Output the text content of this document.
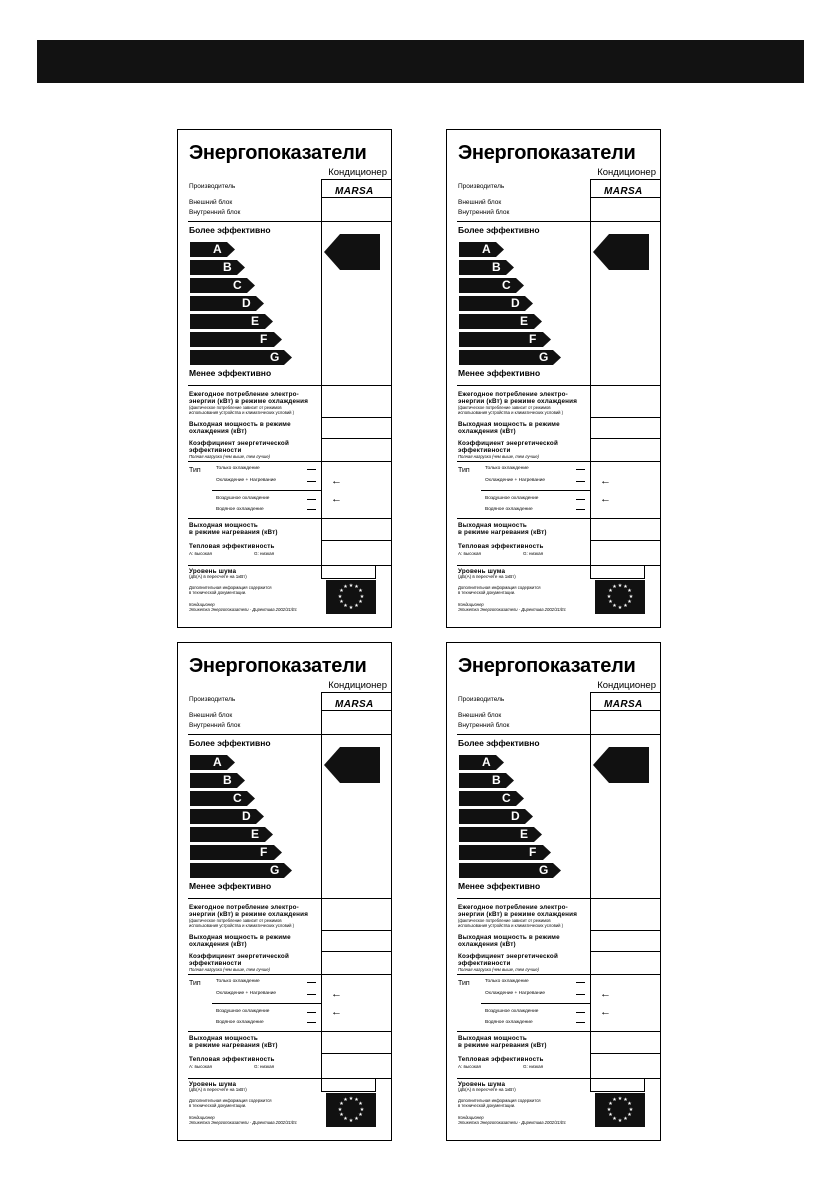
Энергопоказатели
Кондиционер
Производитель	MARSA
Внешний блок
Внутренний блок
Более эффективно
A
B
C
D
E
F
G
Менее эффективно
Ежегодное потребление электро-
энергии (кВт) в режиме охлаждения
(фактическое потребление зависит от режимов
использования устройства и климатических условий )
Выходная мощность в режиме
охлаждения (кВт)
Коэффициент энергетической
эффективности
Полная нагрузка (чем выше, тем лучше)
Тип	Только охлаждение
Охлаждение + Нагревание	←
Воздушное охлаждение	←
Водяное охлаждение
Выходная мощность
в режиме нагревания (кВт)
Тепловая эффективность
А: высокая	G: низкая
Уровень шума
(дБ(А) в пересчете на 1кВт)
Дополнительная информация содержится
в технической документации.
Кондиционер
Этикетка Энергопоказатели - Директива 2002/31/Ес
★
★
★
★
★
★
★
★
★ ★ ★
★
Энергопоказатели
Кондиционер
Производитель	MARSA
Внешний блок
Внутренний блок
Более эффективно
A
B
C
D
E
F
G
Менее эффективно
Ежегодное потребление электро-
энергии (кВт) в режиме охлаждения
(фактическое потребление зависит от режимов
использования устройства и климатических условий )
Выходная мощность в режиме
охлаждения (кВт)
Коэффициент энергетической
эффективности
Полная нагрузка (чем выше, тем лучше)
Тип	Только охлаждение
Охлаждение + Нагревание	←
Воздушное охлаждение	←
Водяное охлаждение
Выходная мощность
в режиме нагревания (кВт)
Тепловая эффективность
А: высокая	G: низкая
Уровень шума
(дБ(А) в пересчете на 1кВт)
Дополнительная информация содержится
в технической документации.
Кондиционер
Этикетка Энергопоказатели - Директива 2002/31/Ес
★
★
★
★
★
★
★
★
★ ★ ★
★
Энергопоказатели
Кондиционер
Производитель	MARSA
Внешний блок
Внутренний блок
Более эффективно
A
B
C
D
E
F
G
Менее эффективно
Ежегодное потребление электро-
энергии (кВт) в режиме охлаждения
(фактическое потребление зависит от режимов
использования устройства и климатических условий )
Выходная мощность в режиме
охлаждения (кВт)
Коэффициент энергетической
эффективности
Полная нагрузка (чем выше, тем лучше)
Тип	Только охлаждение
Охлаждение + Нагревание	←
Воздушное охлаждение	←
Водяное охлаждение
Выходная мощность
в режиме нагревания (кВт)
Тепловая эффективность
А: высокая	G: низкая
Уровень шума
(дБ(А) в пересчете на 1кВт)
Дополнительная информация содержится
в технической документации.
Кондиционер
Этикетка Энергопоказатели - Директива 2002/31/Ес
★
★
★
★
★
★
★
★
★ ★ ★
★
Энергопоказатели
Кондиционер
Производитель	MARSA
Внешний блок
Внутренний блок
Более эффективно
A
B
C
D
E
F
G
Менее эффективно
Ежегодное потребление электро-
энергии (кВт) в режиме охлаждения
(фактическое потребление зависит от режимов
использования устройства и климатических условий )
Выходная мощность в режиме
охлаждения (кВт)
Коэффициент энергетической
эффективности
Полная нагрузка (чем выше, тем лучше)
Тип	Только охлаждение
Охлаждение + Нагревание	←
Воздушное охлаждение	←
Водяное охлаждение
Выходная мощность
в режиме нагревания (кВт)
Тепловая эффективность
А: высокая	G: низкая
Уровень шума
(дБ(А) в пересчете на 1кВт)
Дополнительная информация содержится
в технической документации.
Кондиционер
Этикетка Энергопоказатели - Директива 2002/31/Ес
★
★
★
★
★
★
★
★
★ ★ ★
★
